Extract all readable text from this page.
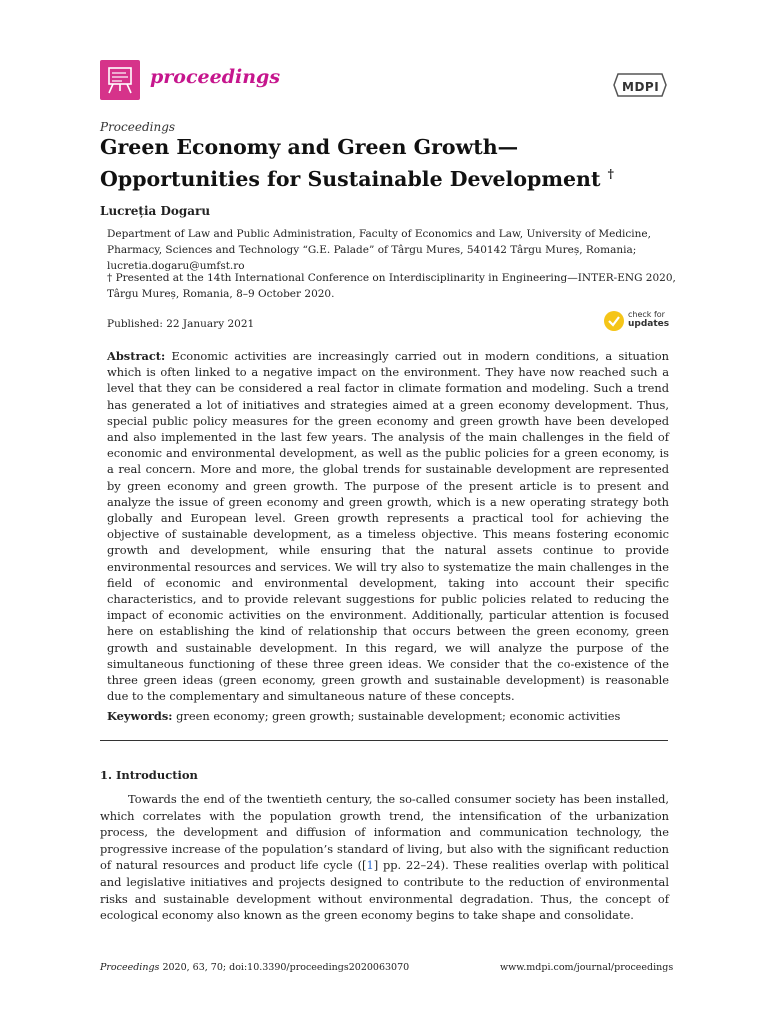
proceedings	MDPI
Proceedings
Green Economy and Green Growth—Opportunities for Sustainable Development †
Lucreția Dogaru
Department of Law and Public Administration, Faculty of Economics and Law, University of Medicine, Pharmacy, Sciences and Technology “G.E. Palade” of Târgu Mures, 540142 Târgu Mureș, Romania; lucretia.dogaru@umfst.ro
† Presented at the 14th International Conference on Interdisciplinarity in Engineering—INTER-ENG 2020, Târgu Mureș, Romania, 8–9 October 2020.
Published: 22 January 2021
check for
updates

Abstract: Economic activities are increasingly carried out in modern conditions, a situation which is often linked to a negative impact on the environment. They have now reached such a level that they can be considered a real factor in climate formation and modeling. Such a trend has generated a lot of initiatives and strategies aimed at a green economy development. Thus, special public policy measures for the green economy and green growth have been developed and also implemented in the last few years. The analysis of the main challenges in the field of economic and environmental development, as well as the public policies for a green economy, is a real concern. More and more, the global trends for sustainable development are represented by green economy and green growth. The purpose of the present article is to present and analyze the issue of green economy and green growth, which is a new operating strategy both globally and European level. Green growth represents a practical tool for achieving the objective of sustainable development, as a timeless objective. This means fostering economic growth and development, while ensuring that the natural assets continue to provide environmental resources and services. We will try also to systematize the main challenges in the field of economic and environmental development, taking into account their specific characteristics, and to provide relevant suggestions for public policies related to reducing the impact of economic activities on the environment. Additionally, particular attention is focused here on establishing the kind of relationship that occurs between the green economy, green growth and sustainable development. In this regard, we will analyze the purpose of the simultaneous functioning of these three green ideas. We consider that the co-existence of the three green ideas (green economy, green growth and sustainable development) is reasonable due to the complementary and simultaneous nature of these concepts.

Keywords: green economy; green growth; sustainable development; economic activities
1. Introduction

Towards the end of the twentieth century, the so-called consumer society has been installed, which correlates with the population growth trend, the intensification of the urbanization process, the development and diffusion of information and communication technology, the progressive increase of the population’s standard of living, but also with the significant reduction of natural resources and product life cycle ([1] pp. 22–24). These realities overlap with political and legislative initiatives and projects designed to contribute to the reduction of environmental risks and sustainable development without environmental degradation. Thus, the concept of ecological economy also known as the green economy begins to take shape and consolidate.

Proceedings 2020, 63, 70; doi:10.3390/proceedings2020063070	www.mdpi.com/journal/proceedings
